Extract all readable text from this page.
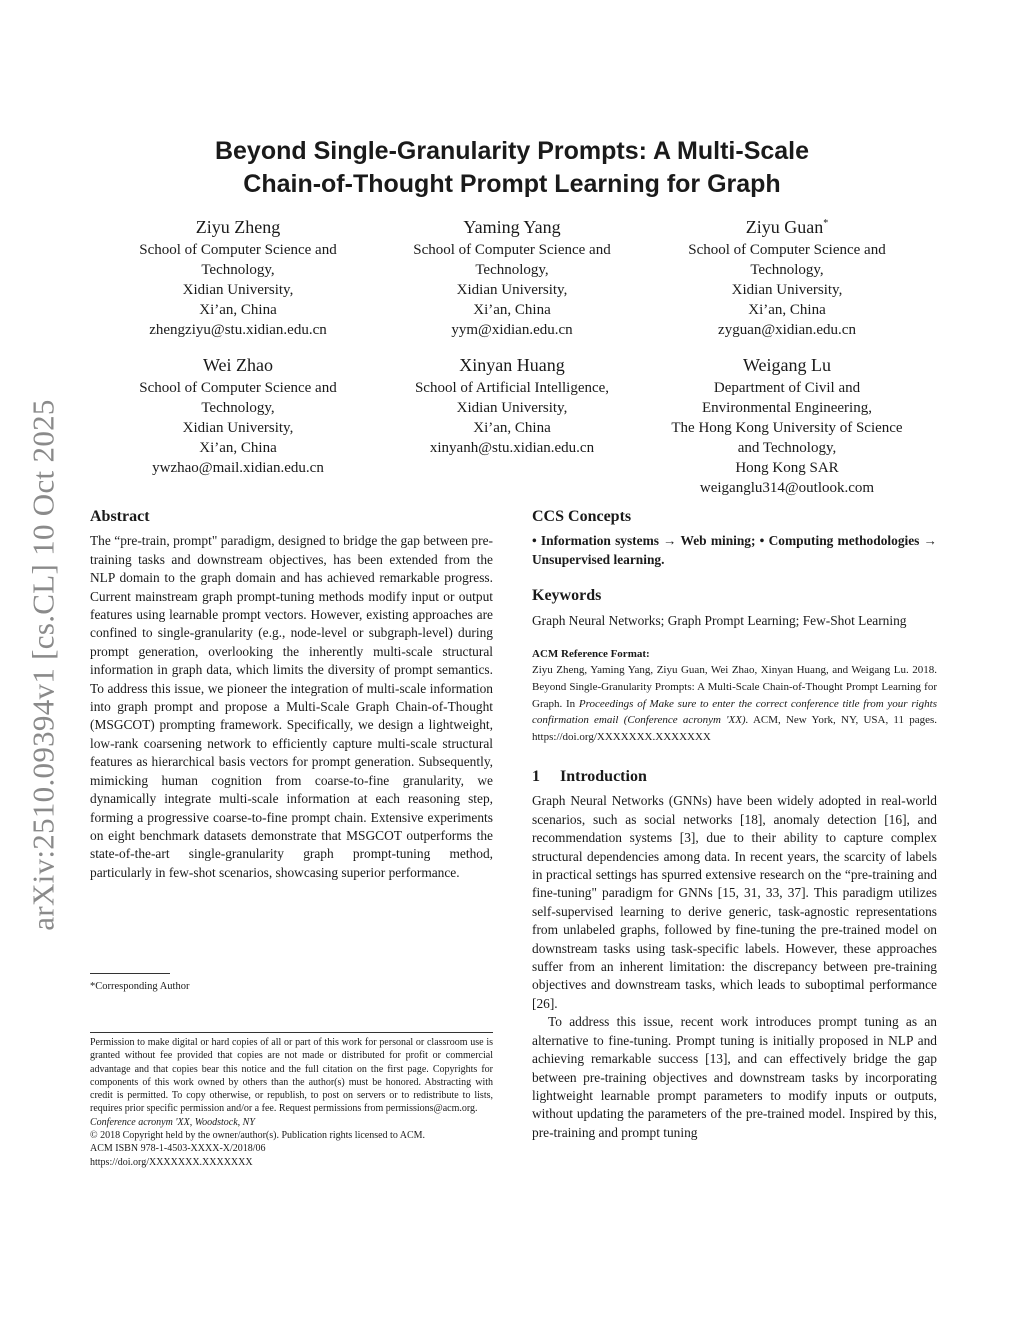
arXiv:2510.09394v1 [cs.CL] 10 Oct 2025
Beyond Single-Granularity Prompts: A Multi-Scale
Chain-of-Thought Prompt Learning for Graph
Ziyu Zheng
School of Computer Science and
Technology,
Xidian University,
Xi’an, China
zhengziyu@stu.xidian.edu.cn
Yaming Yang
School of Computer Science and
Technology,
Xidian University,
Xi’an, China
yym@xidian.edu.cn
Ziyu Guan*
School of Computer Science and
Technology,
Xidian University,
Xi’an, China
zyguan@xidian.edu.cn
Wei Zhao
School of Computer Science and
Technology,
Xidian University,
Xi’an, China
ywzhao@mail.xidian.edu.cn
Xinyan Huang
School of Artificial Intelligence,
Xidian University,
Xi’an, China
xinyanh@stu.xidian.edu.cn
Weigang Lu
Department of Civil and
Environmental Engineering,
The Hong Kong University of Science
and Technology,
Hong Kong SAR
weiganglu314@outlook.com
Abstract

The “pre-train, prompt" paradigm, designed to bridge the gap between pre-training tasks and downstream objectives, has been extended from the NLP domain to the graph domain and has achieved remarkable progress. Current mainstream graph prompt-tuning methods modify input or output features using learnable prompt vectors. However, existing approaches are confined to single-granularity (e.g., node-level or subgraph-level) during prompt generation, overlooking the inherently multi-scale structural information in graph data, which limits the diversity of prompt semantics. To address this issue, we pioneer the integration of multi-scale information into graph prompt and propose a Multi-Scale Graph Chain-of-Thought (MSGCOT) prompting framework. Specifically, we design a lightweight, low-rank coarsening network to efficiently capture multi-scale structural features as hierarchical basis vectors for prompt generation. Subsequently, mimicking human cognition from coarse-to-fine granularity, we dynamically integrate multi-scale information at each reasoning step, forming a progressive coarse-to-fine prompt chain. Extensive experiments on eight benchmark datasets demonstrate that MSGCOT outperforms the state-of-the-art single-granularity graph prompt-tuning method, particularly in few-shot scenarios, showcasing superior performance.

*Corresponding Author

Permission to make digital or hard copies of all or part of this work for personal or classroom use is granted without fee provided that copies are not made or distributed for profit or commercial advantage and that copies bear this notice and the full citation on the first page. Copyrights for components of this work owned by others than the author(s) must be honored. Abstracting with credit is permitted. To copy otherwise, or republish, to post on servers or to redistribute to lists, requires prior specific permission and/or a fee. Request permissions from permissions@acm.org.

Conference acronym 'XX, Woodstock, NY

© 2018 Copyright held by the owner/author(s). Publication rights licensed to ACM.

ACM ISBN 978-1-4503-XXXX-X/2018/06

https://doi.org/XXXXXXX.XXXXXXX

CCS Concepts

• Information systems → Web mining; • Computing methodologies → Unsupervised learning.

Keywords

Graph Neural Networks; Graph Prompt Learning; Few-Shot Learning

ACM Reference Format:

Ziyu Zheng, Yaming Yang, Ziyu Guan, Wei Zhao, Xinyan Huang, and Weigang Lu. 2018. Beyond Single-Granularity Prompts: A Multi-Scale Chain-of-Thought Prompt Learning for Graph. In Proceedings of Make sure to enter the correct conference title from your rights confirmation email (Conference acronym 'XX). ACM, New York, NY, USA, 11 pages. https://doi.org/XXXXXXX.XXXXXXX

1 Introduction

Graph Neural Networks (GNNs) have been widely adopted in real-world scenarios, such as social networks [18], anomaly detection [16], and recommendation systems [3], due to their ability to capture complex structural dependencies among data. In recent years, the scarcity of labels in practical settings has spurred extensive research on the “pre-training and fine-tuning" paradigm for GNNs [15, 31, 33, 37]. This paradigm utilizes self-supervised learning to derive generic, task-agnostic representations from unlabeled graphs, followed by fine-tuning the pre-trained model on downstream tasks using task-specific labels. However, these approaches suffer from an inherent limitation: the discrepancy between pre-training objectives and downstream tasks, which leads to suboptimal performance [26].

To address this issue, recent work introduces prompt tuning as an alternative to fine-tuning. Prompt tuning is initially proposed in NLP and achieving remarkable success [13], and can effectively bridge the gap between pre-training objectives and downstream tasks by incorporating lightweight learnable prompt parameters to modify inputs or outputs, without updating the parameters of the pre-trained model. Inspired by this, pre-training and prompt tuning
